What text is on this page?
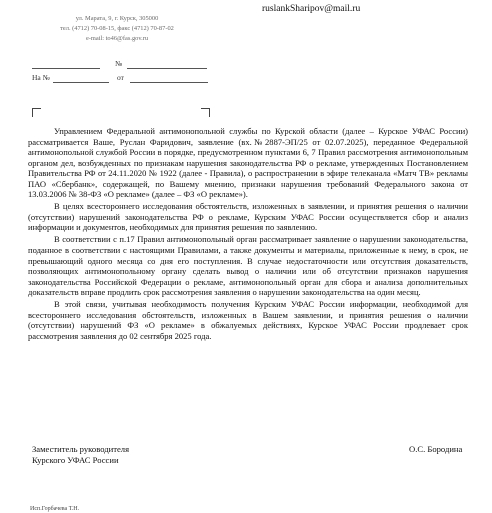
ул. Марата, 9, г. Курск, 305000
тел. (4712) 70-08-15, факс (4712) 70-87-02
e-mail: to46@fas.gov.ru
ruslankSharipov@mail.ru
№
На №	от

Управлением Федеральной антимонопольной службы по Курской области (далее – Курское УФАС России) рассматривается Ваше, Руслан Фаридович, заявление (вх.№2887-ЭП/25 от 02.07.2025), переданное Федеральной антимонопольной службой России в порядке, предусмотренном пунктами 6, 7 Правил рассмотрения антимонопольным органом дел, возбужденных по признакам нарушения законодательства РФ о рекламе, утвержденных Постановлением Правительства РФ от 24.11.2020 № 1922 (далее - Правила), о распространении в эфире телеканала «Матч ТВ» рекламы ПАО «Сбербанк», содержащей, по Вашему мнению, признаки нарушения требований Федерального закона от 13.03.2006 № 38-ФЗ «О рекламе» (далее – ФЗ «О рекламе»).

В целях всестороннего исследования обстоятельств, изложенных в заявлении, и принятия решения о наличии (отсутствии) нарушений законодательства РФ о рекламе, Курским УФАС России осуществляется сбор и анализ информации и документов, необходимых для принятия решения по заявлению.

В соответствии с п.17 Правил антимонопольный орган рассматривает заявление о нарушении законодательства, поданное в соответствии с настоящими Правилами, а также документы и материалы, приложенные к нему, в срок, не превышающий одного месяца со дня его поступления. В случае недостаточности или отсутствия доказательств, позволяющих антимонопольному органу сделать вывод о наличии или об отсутствии признаков нарушения законодательства Российской Федерации о рекламе, антимонопольный орган для сбора и анализа дополнительных доказательств вправе продлить срок рассмотрения заявления о нарушении законодательства на один месяц.

В этой связи, учитывая необходимость получения Курским УФАС России информации, необходимой для всестороннего исследования обстоятельств, изложенных в Вашем заявлении, и принятия решения о наличии (отсутствии) нарушений ФЗ «О рекламе» в обжалуемых действиях, Курское УФАС России продлевает срок рассмотрения заявления до 02 сентября 2025 года.

Заместитель руководителя
Курского УФАС России
О.С. Бородина
Исп.Горбачева Т.Н.
